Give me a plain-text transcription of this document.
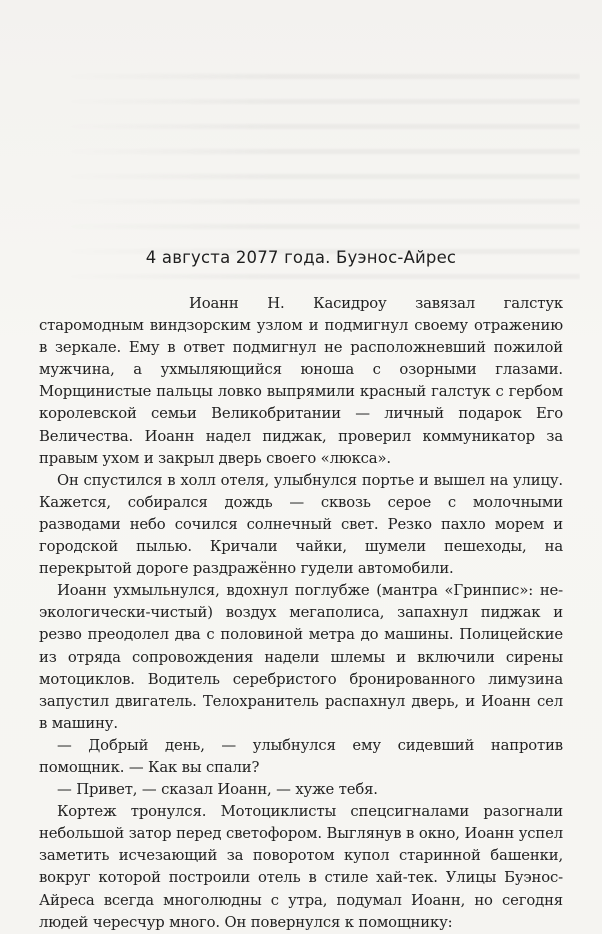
4 августа 2077 года. Буэнос-Айрес

Иоанн Н. Касидроу завязал галстук старомодным виндзорским узлом и подмигнул своему отражению в зеркале. Ему в ответ подмигнул не расположневший пожилой мужчина, а ухмыляющийся юноша с озорными глазами. Морщинистые пальцы ловко выпрямили красный галстук с гербом королевской семьи Великобритании — личный подарок Его Величества. Иоанн надел пиджак, проверил коммуникатор за правым ухом и закрыл дверь своего «люкса».

Он спустился в холл отеля, улыбнулся портье и вышел на улицу. Кажется, собирался дождь — сквозь серое с молочными разводами небо сочился солнечный свет. Резко пахло морем и городской пылью. Кричали чайки, шумели пешеходы, на перекрытой дороге раздражённо гудели автомобили.

Иоанн ухмыльнулся, вдохнул поглубже (мантра «Гринпис»: не-экологически-чистый) воздух мегаполиса, запахнул пиджак и резво преодолел два с половиной метра до машины. Полицейские из отряда сопровождения надели шлемы и включили сирены мотоциклов. Водитель серебристого бронированного лимузина запустил двигатель. Телохранитель распахнул дверь, и Иоанн сел в машину.

— Добрый день, — улыбнулся ему сидевший напротив помощник. — Как вы спали?

— Привет, — сказал Иоанн, — хуже тебя.

Кортеж тронулся. Мотоциклисты спецсигналами разогнали небольшой затор перед светофором. Выглянув в окно, Иоанн успел заметить исчезающий за поворотом купол старинной башенки, вокруг которой построили отель в стиле хай-тек. Улицы Буэнос-Айреса всегда многолюдны с утра, подумал Иоанн, но сегодня людей чересчур много. Он повернулся к помощнику:
